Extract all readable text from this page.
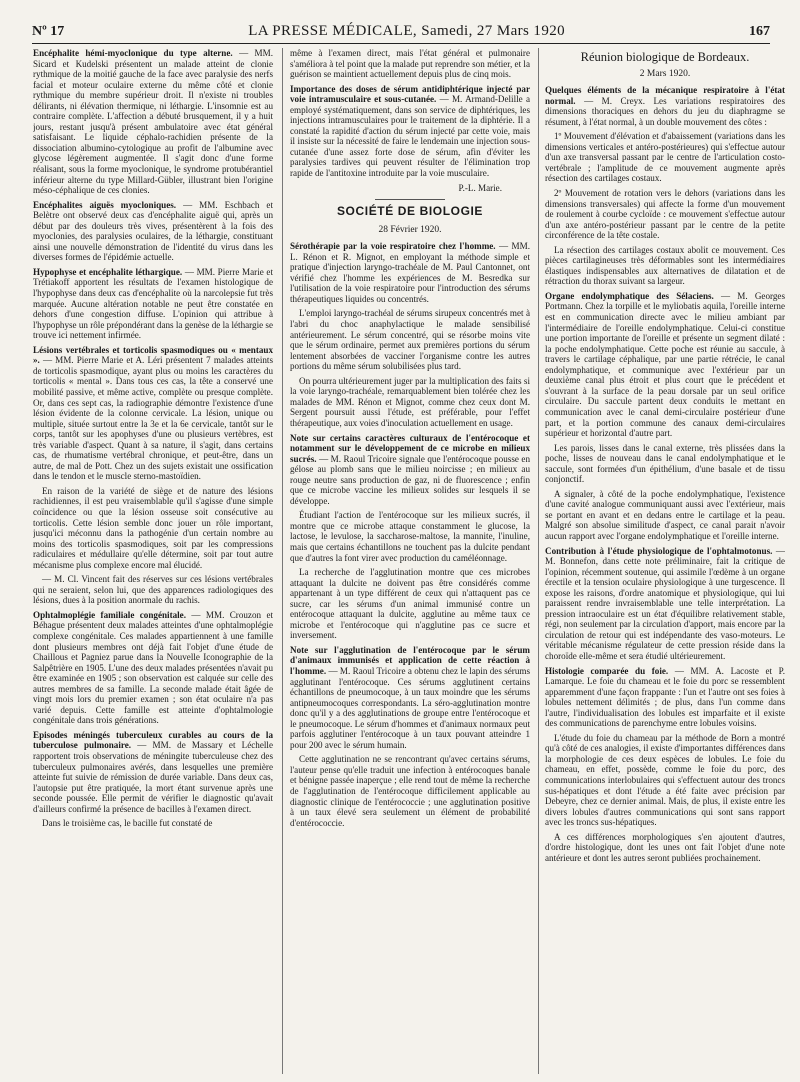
Nº 17	LA PRESSE MÉDICALE, Samedi, 27 Mars 1920	167

Encéphalite hémi-myoclonique du type alterne. — MM. Sicard et Kudelski présentent un malade atteint de clonie rythmique de la moitié gauche de la face avec paralysie des nerfs facial et moteur oculaire externe du même côté et clonie rythmique du membre supérieur droit. Il n'existe ni troubles délirants, ni élévation thermique, ni léthargie. L'insomnie est au contraire complète. L'affection a débuté brusquement, il y a huit jours, restant jusqu'à présent ambulatoire avec état général satisfaisant. Le liquide céphalo-rachidien présente de la dissociation albumino-cytologique au profit de l'albumine avec glycose légèrement augmentée. Il s'agit donc d'une forme réalisant, sous la forme myoclonique, le syndrome protubérantiel inférieur alterne du type Millard-Gübler, illustrant bien l'origine méso-céphalique de ces clonies.

Encéphalites aiguës myocloniques. — MM. Eschbach et Belètre ont observé deux cas d'encéphalite aiguë qui, après un début par des douleurs très vives, présentèrent à la fois des myoclonies, des paralysies oculaires, de la léthargie, constituant ainsi une nouvelle démonstration de l'identité du virus dans les diverses formes de l'épidémie actuelle.

Hypophyse et encéphalite léthargique. — MM. Pierre Marie et Trétiakoff apportent les résultats de l'examen histologique de l'hypophyse dans deux cas d'encéphalite où la narcolepsie fut très marquée. Aucune altération notable ne peut être constatée en dehors d'une congestion diffuse. L'opinion qui attribue à l'hypophyse un rôle prépondérant dans la genèse de la léthargie se trouve ici nettement infirmée.

Lésions vertébrales et torticolis spasmodiques ou « mentaux ». — MM. Pierre Marie et A. Léri présentent 7 malades atteints de torticolis spasmodique, ayant plus ou moins les caractères du torticolis « mental ». Dans tous ces cas, la tête a conservé une mobilité passive, et même active, complète ou presque complète. Or, dans ces sept cas, la radiographie démontre l'existence d'une lésion évidente de la colonne cervicale. La lésion, unique ou multiple, située surtout entre la 3e et la 6e cervicale, tantôt sur le corps, tantôt sur les apophyses d'une ou plusieurs vertèbres, est très variable d'aspect. Quant à sa nature, il s'agit, dans certains cas, de rhumatisme vertébral chronique, et peut-être, dans un autre, de mal de Pott. Chez un des sujets existait une ossification dans le tendon et le muscle sterno-mastoïdien.

En raison de la variété de siège et de nature des lésions rachidiennes, il est peu vraisemblable qu'il s'agisse d'une simple coïncidence ou que la lésion osseuse soit consécutive au torticolis. Cette lésion semble donc jouer un rôle important, jusqu'ici méconnu dans la pathogénie d'un certain nombre au moins des torticolis spasmodiques, soit par les compressions radiculaires et médullaire qu'elle détermine, soit par tout autre mécanisme plus complexe encore mal élucidé.

— M. Cl. Vincent fait des réserves sur ces lésions vertébrales qui ne seraient, selon lui, que des apparences radiologiques des lésions, dues à la position anormale du rachis.

Ophtalmoplégie familiale congénitale. — MM. Crouzon et Béhague présentent deux malades atteintes d'une ophtalmoplégie complexe congénitale. Ces malades appartiennent à une famille dont plusieurs membres ont déjà fait l'objet d'une étude de Chaillous et Pagniez parue dans la Nouvelle Iconographie de la Salpêtrière en 1905. L'une des deux malades présentées n'avait pu être examinée en 1905 ; son observation est calquée sur celle des autres membres de sa famille. La seconde malade était âgée de vingt mois lors du premier examen ; son état oculaire n'a pas varié depuis. Cette famille est atteinte d'ophtalmologie congénitale dans trois générations.

Episodes méningés tuberculeux curables au cours de la tuberculose pulmonaire. — MM. de Massary et Léchelle rapportent trois observations de méningite tuberculeuse chez des tuberculeux pulmonaires avérés, dans lesquelles une première atteinte fut suivie de rémission de durée variable. Dans deux cas, l'autopsie put être pratiquée, la mort étant survenue après une seconde poussée. Elle permit de vérifier le diagnostic qu'avait d'ailleurs confirmé la présence de bacilles à l'examen direct.

Dans le troisième cas, le bacille fut constaté de

même à l'examen direct, mais l'état général et pulmonaire s'améliora à tel point que la malade put reprendre son métier, et la guérison se maintient actuellement depuis plus de cinq mois.

Importance des doses de sérum antidiphtérique injecté par voie intramusculaire et sous-cutanée. — M. Armand-Delille a employé systématiquement, dans son service de diphtériques, les injections intramusculaires pour le traitement de la diphtérie. Il a constaté la rapidité d'action du sérum injecté par cette voie, mais il insiste sur la nécessité de faire le lendemain une injection sous-cutanée d'une assez forte dose de sérum, afin d'éviter les paralysies tardives qui peuvent résulter de l'élimination trop rapide de l'antitoxine introduite par la voie musculaire.

P.-L. Marie.
SOCIÉTÉ DE BIOLOGIE
28 Février 1920.

Sérothérapie par la voie respiratoire chez l'homme. — MM. L. Rénon et R. Mignot, en employant la méthode simple et pratique d'injection laryngo-trachéale de M. Paul Cantonnet, ont vérifié chez l'homme les expériences de M. Besredka sur l'utilisation de la voie respiratoire pour l'introduction des sérums thérapeutiques liquides ou concentrés.

L'emploi laryngo-trachéal de sérums sirupeux concentrés met à l'abri du choc anaphylactique le malade sensibilisé antérieurement. Le sérum concentré, qui se résorbe moins vite que le sérum ordinaire, permet aux premières portions du sérum lentement absorbées de vacciner l'organisme contre les autres portions du même sérum solubilisées plus tard.

On pourra ultérieurement juger par la multiplication des faits si la voie laryngo-trachéale, remarquablement bien tolérée chez les malades de MM. Rénon et Mignot, comme chez ceux dont M. Sergent poursuit aussi l'étude, est préférable, pour l'effet thérapeutique, aux voies d'inoculation actuellement en usage.

Note sur certains caractères culturaux de l'entérocoque et notamment sur le développement de ce microbe en milieux sucrés. — M. Raoul Tricoire signale que l'entérocoque pousse en gélose au plomb sans que le milieu noircisse ; en milieux au rouge neutre sans production de gaz, ni de fluorescence ; enfin que ce microbe vaccine les milieux solides sur lesquels il se développe.

Étudiant l'action de l'entérocoque sur les milieux sucrés, il montre que ce microbe attaque constamment le glucose, la lactose, le levulose, la saccharose-maltose, la mannite, l'inuline, mais que certains échantillons ne touchent pas la dulcite pendant que d'autres la font virer avec production du caméléonnage.

La recherche de l'agglutination montre que ces microbes attaquant la dulcite ne doivent pas être considérés comme appartenant à un type différent de ceux qui n'attaquent pas ce sucre, car les sérums d'un animal immunisé contre un entérocoque attaquant la dulcite, agglutine au même taux ce microbe et l'entérocoque qui n'agglutine pas ce sucre et inversement.

Note sur l'agglutination de l'entérocoque par le sérum d'animaux immunisés et application de cette réaction à l'homme. — M. Raoul Tricoire a obtenu chez le lapin des sérums agglutinant l'entérocoque. Ces sérums agglutinent certains échantillons de pneumocoque, à un taux moindre que les sérums antipneumocoques correspondants. La séro-agglutination montre donc qu'il y a des agglutinations de groupe entre l'entérocoque et le pneumocoque. Le sérum d'hommes et d'animaux normaux peut parfois agglutiner l'entérocoque à un taux pouvant atteindre 1 pour 200 avec le sérum humain.

Cette agglutination ne se rencontrant qu'avec certains sérums, l'auteur pense qu'elle traduit une infection à entérocoques banale et bénigne passée inaperçue ; elle rend tout de même la recherche de l'agglutination de l'entérocoque difficilement applicable au diagnostic clinique de l'entérococcie ; une agglutination positive à un taux élevé sera seulement un élément de probabilité d'entérococcie.

Réunion biologique de Bordeaux.
2 Mars 1920.

Quelques éléments de la mécanique respiratoire à l'état normal. — M. Creyx. Les variations respiratoires des dimensions thoraciques en dehors du jeu du diaphragme se résument, à l'état normal, à un double mouvement des côtes :

1º Mouvement d'élévation et d'abaissement (variations dans les dimensions verticales et antéro-postérieures) qui s'effectue autour d'un axe transversal passant par le centre de l'articulation costo-vertébrale ; l'amplitude de ce mouvement augmente après résection des cartilages costaux.

2º Mouvement de rotation vers le dehors (variations dans les dimensions transversales) qui affecte la forme d'un mouvement de roulement à courbe cycloïde : ce mouvement s'effectue autour d'un axe antéro-postérieur passant par le centre de la petite circonférence de la tête costale.

La résection des cartilages costaux abolit ce mouvement. Ces pièces cartilagineuses très déformables sont les intermédiaires élastiques indispensables aux alternatives de dilatation et de rétraction du thorax suivant sa largeur.

Organe endolymphatique des Sélaciens. — M. Georges Portmann. Chez la torpille et le myliobatis aquila, l'oreille interne est en communication directe avec le milieu ambiant par l'intermédiaire de l'oreille endolymphatique. Celui-ci constitue une portion importante de l'oreille et présente un segment dilaté : la poche endolymphatique. Cette poche est réunie au saccule, à travers le cartilage céphalique, par une partie rétrécie, le canal endolymphatique, et communique avec l'extérieur par un deuxième canal plus étroit et plus court que le précédent et s'ouvrant à la surface de la peau dorsale par un seul orifice circulaire. Du saccule partent deux conduits le mettant en communication avec le canal demi-circulaire postérieur d'une part, et la portion commune des canaux demi-circulaires supérieur et horizontal d'autre part.

Les parois, lisses dans le canal externe, très plissées dans la poche, lisses de nouveau dans le canal endolymphatique et le saccule, sont formées d'un épithélium, d'une basale et de tissu conjonctif.

A signaler, à côté de la poche endolymphatique, l'existence d'une cavité analogue communiquant aussi avec l'extérieur, mais se portant en avant et en dedans entre le cartilage et la peau. Malgré son absolue similitude d'aspect, ce canal parait n'avoir aucun rapport avec l'organe endolymphatique et l'oreille interne.

Contribution à l'étude physiologique de l'ophtalmotonus. — M. Bonnefon, dans cette note préliminaire, fait la critique de l'opinion, récemment soutenue, qui assimile l'œdème à un organe érectile et la tension oculaire physiologique à une turgescence. Il expose les raisons, d'ordre anatomique et physiologique, qui lui paraissent rendre invraisemblable une telle interprétation. La pression intraoculaire est un état d'équilibre relativement stable, régi, non seulement par la circulation d'apport, mais encore par la circulation de retour qui est indépendante des vaso-moteurs. Le véritable mécanisme régulateur de cette pression réside dans la choroïde elle-même et sera étudié ultérieurement.

Histologie comparée du foie. — MM. A. Lacoste et P. Lamarque. Le foie du chameau et le foie du porc se ressemblent apparemment d'une façon frappante : l'un et l'autre ont ses foies à lobules nettement délimités ; de plus, dans l'un comme dans l'autre, l'individualisation des lobules est imparfaite et il existe des communications de parenchyme entre lobules voisins.

L'étude du foie du chameau par la méthode de Born a montré qu'à côté de ces analogies, il existe d'importantes différences dans la morphologie de ces deux espèces de lobules. Le foie du chameau, en effet, possède, comme le foie du porc, des communications interlobulaires qui s'effectuent autour des troncs sus-hépatiques et dont l'étude a été faite avec précision par Debeyre, chez ce dernier animal. Mais, de plus, il existe entre les divers lobules d'autres communications qui sont sans rapport avec les troncs sus-hépatiques.

A ces différences morphologiques s'en ajoutent d'autres, d'ordre histologique, dont les unes ont fait l'objet d'une note antérieure et dont les autres seront publiées prochainement.
